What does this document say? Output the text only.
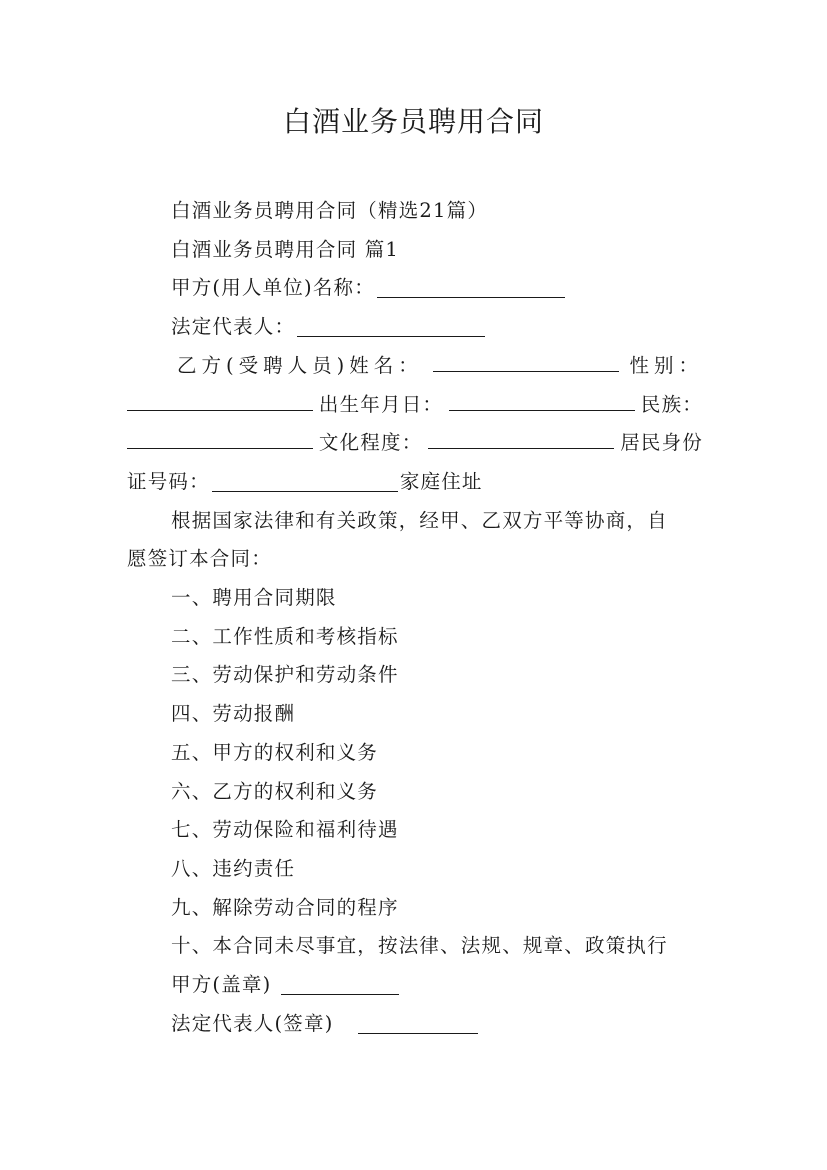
白酒业务员聘用合同

白酒业务员聘用合同（精选21篇）

白酒业务员聘用合同 篇1

甲方(用人单位)名称：

法定代表人：

乙方(受聘人员)姓名：	性别：

出生年月日：	民族：

文化程度：	居民身份

证号码：	家庭住址

根据国家法律和有关政策，经甲、乙双方平等协商，自

愿签订本合同：

一、聘用合同期限

二、工作性质和考核指标

三、劳动保护和劳动条件

四、劳动报酬

五、甲方的权利和义务

六、乙方的权利和义务

七、劳动保险和福利待遇

八、违约责任

九、解除劳动合同的程序

十、本合同未尽事宜，按法律、法规、规章、政策执行

甲方(盖章)

法定代表人(签章)
